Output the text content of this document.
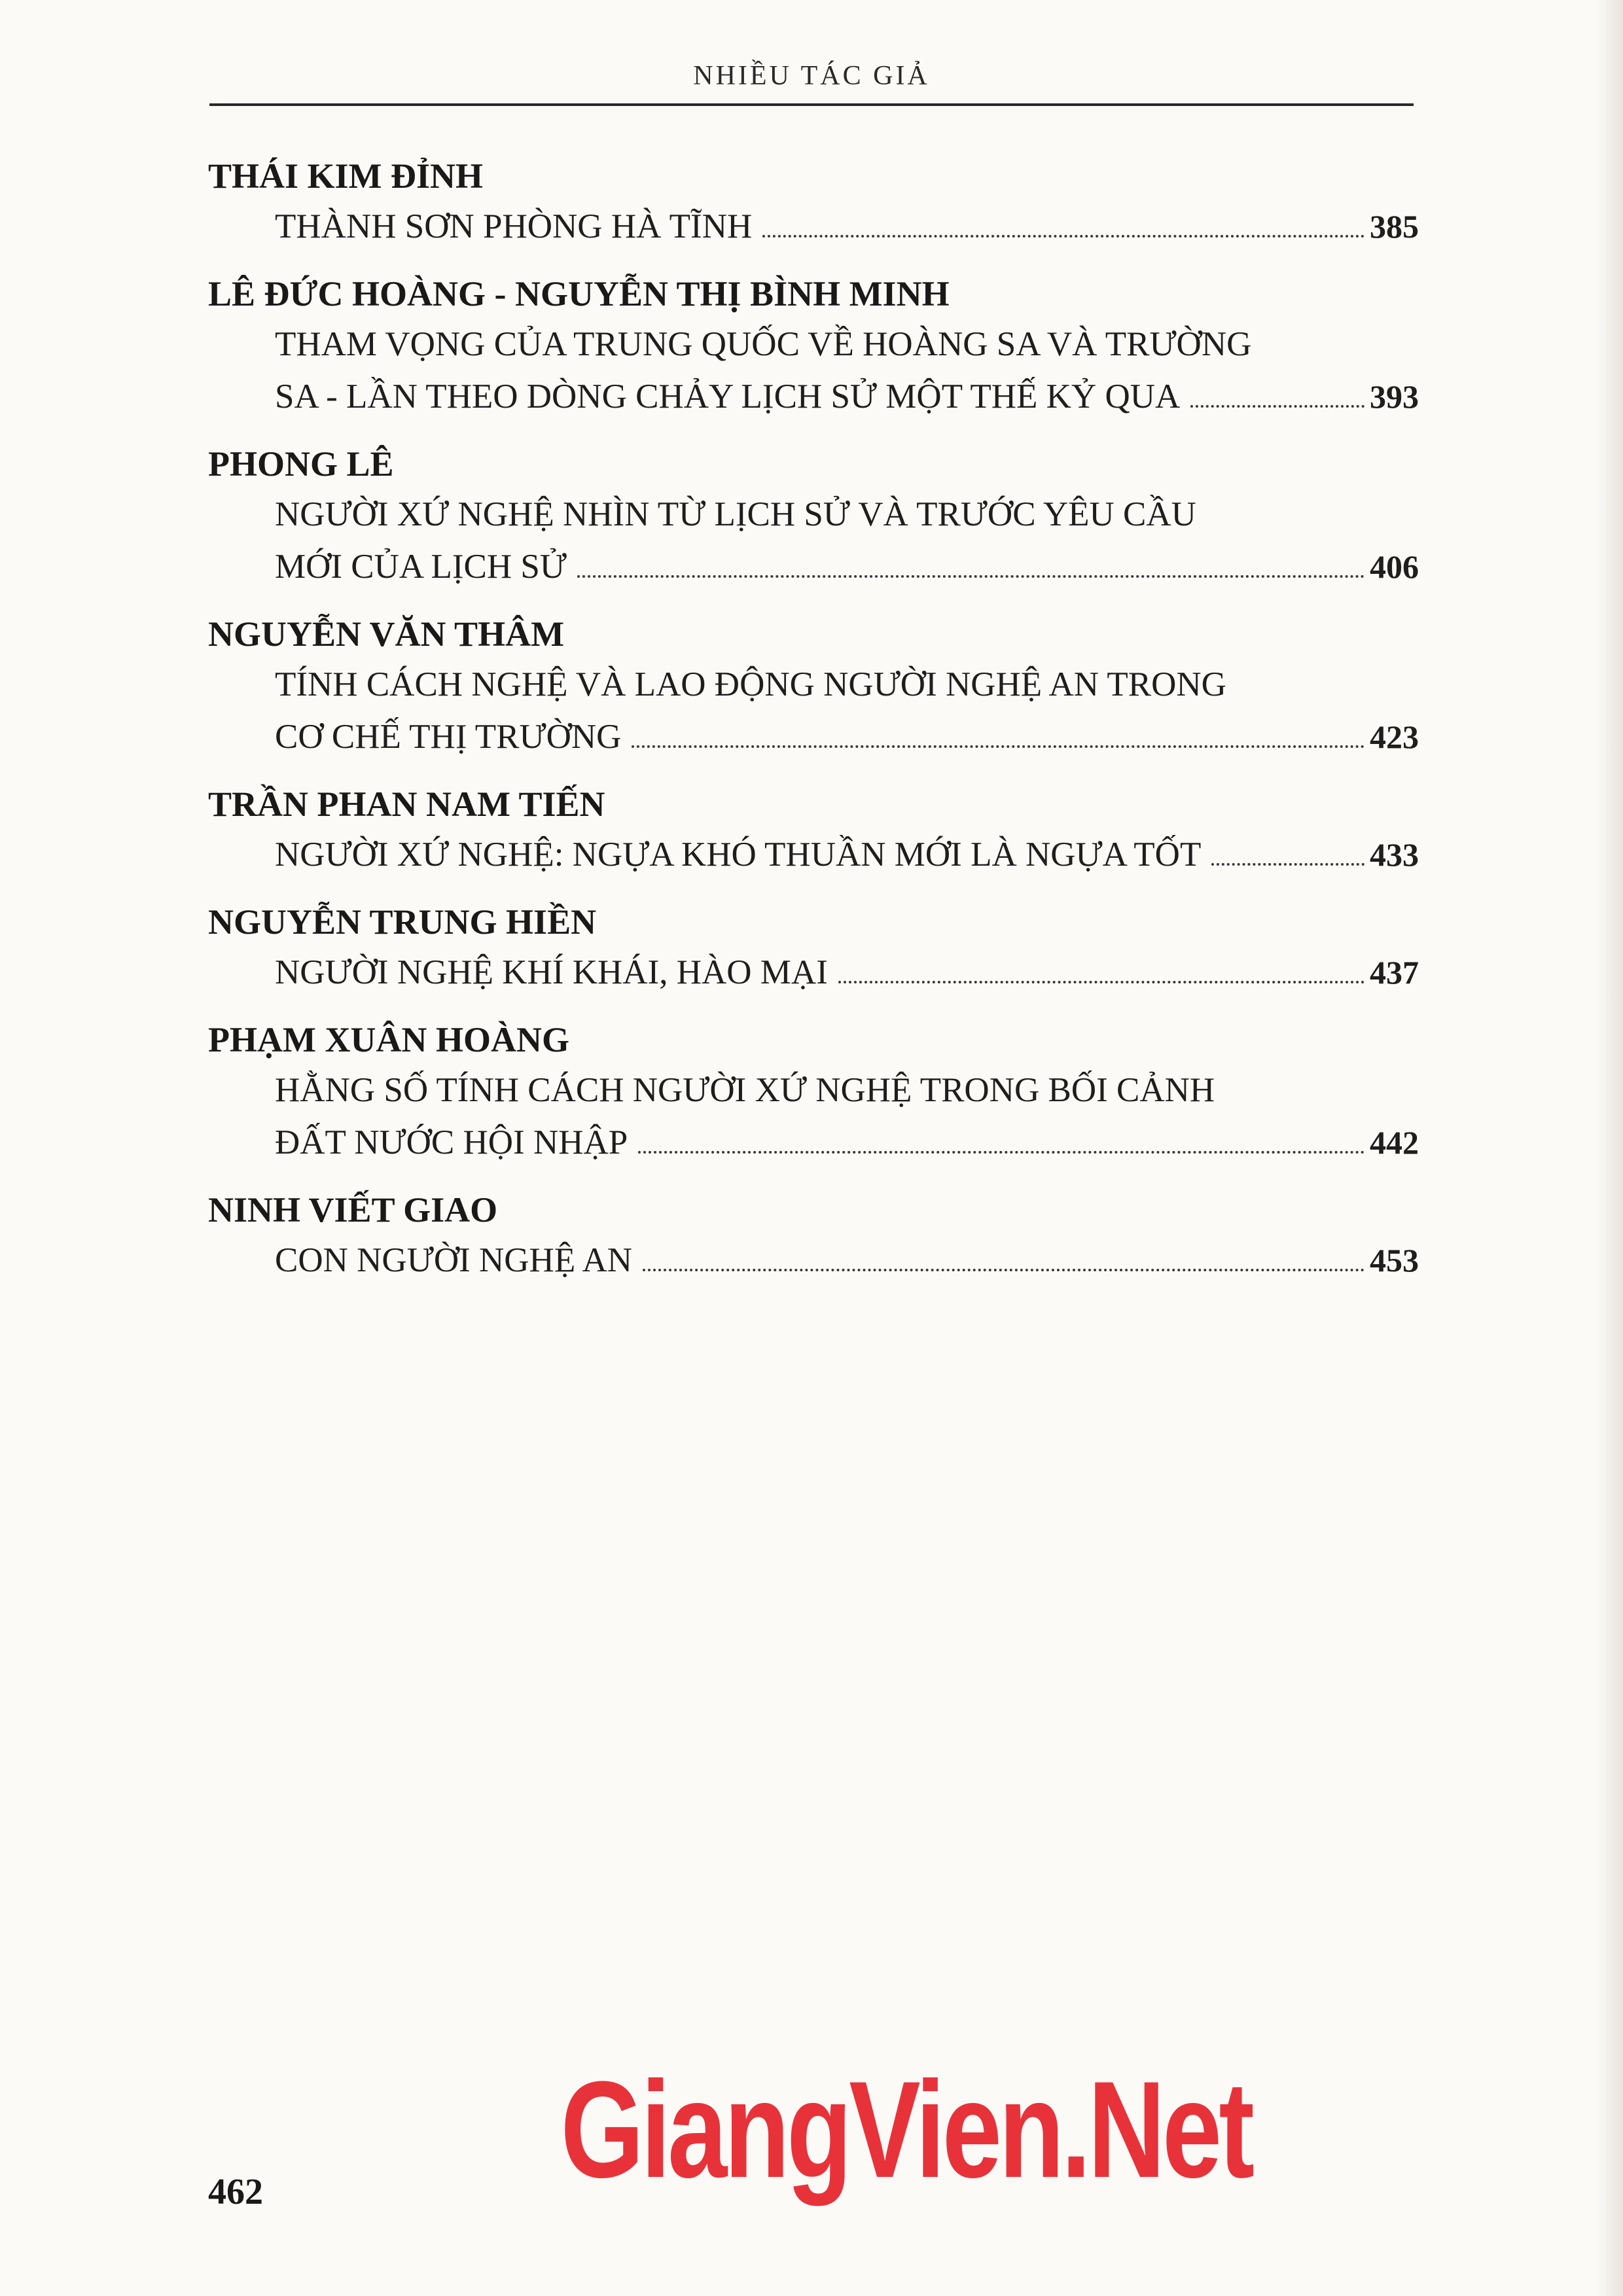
NHIỀU TÁC GIẢ
THÁI KIM ĐỈNH
THÀNH SƠN PHÒNG HÀ TĨNH	385
LÊ ĐỨC HOÀNG - NGUYỄN THỊ BÌNH MINH
THAM VỌNG CỦA TRUNG QUỐC VỀ HOÀNG SA VÀ TRƯỜNG
SA - LẦN THEO DÒNG CHẢY LỊCH SỬ MỘT THẾ KỶ QUA	393
PHONG LÊ
NGƯỜI XỨ NGHỆ NHÌN TỪ LỊCH SỬ VÀ TRƯỚC YÊU CẦU
MỚI CỦA LỊCH SỬ	406
NGUYỄN VĂN THÂM
TÍNH CÁCH NGHỆ VÀ LAO ĐỘNG NGƯỜI NGHỆ AN TRONG
CƠ CHẾ THỊ TRƯỜNG	423
TRẦN PHAN NAM TIẾN
NGƯỜI XỨ NGHỆ: NGỰA KHÓ THUẦN MỚI LÀ NGỰA TỐT	433
NGUYỄN TRUNG HIỀN
NGƯỜI NGHỆ KHÍ KHÁI, HÀO MẠI	437
PHẠM XUÂN HOÀNG
HẰNG SỐ TÍNH CÁCH NGƯỜI XỨ NGHỆ TRONG BỐI CẢNH
ĐẤT NƯỚC HỘI NHẬP	442
NINH VIẾT GIAO
CON NGƯỜI NGHỆ AN	453
GiangVien.Net
462
